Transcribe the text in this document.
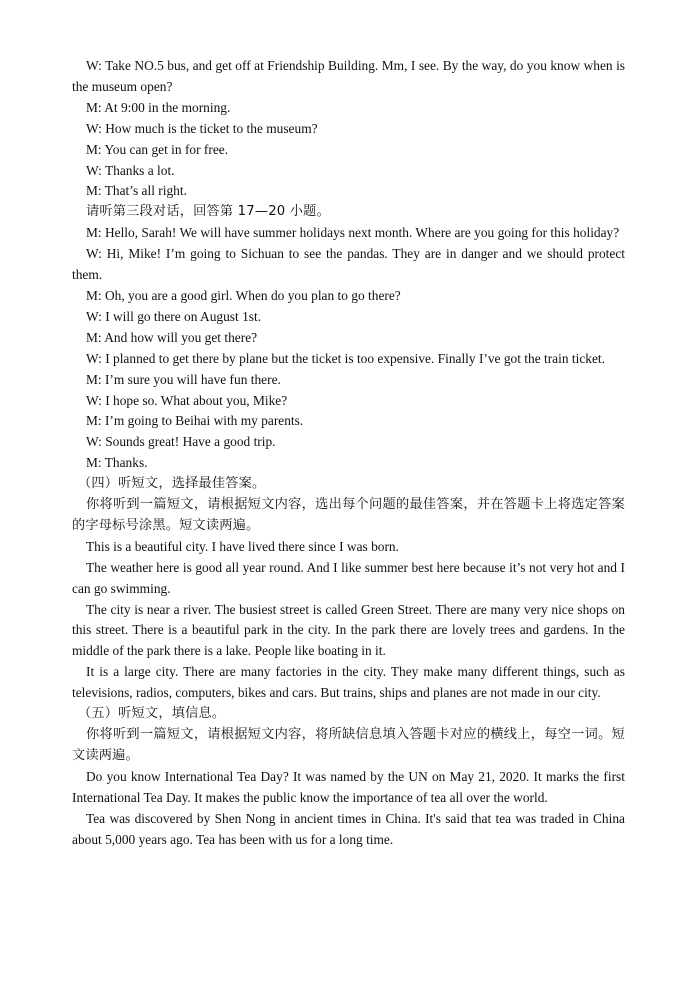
W: Take NO.5 bus, and get off at Friendship Building. Mm, I see. By the way, do you know when is the museum open?

M: At 9:00 in the morning.

W: How much is the ticket to the museum?

M: You can get in for free.

W: Thanks a lot.

M: That’s all right.

请听第三段对话，回答第 17—20 小题。

M: Hello, Sarah! We will have summer holidays next month. Where are you going for this holiday?

W: Hi, Mike! I’m going to Sichuan to see the pandas. They are in danger and we should protect them.

M: Oh, you are a good girl. When do you plan to go there?

W: I will go there on August 1st.

M: And how will you get there?

W: I planned to get there by plane but the ticket is too expensive. Finally I’ve got the train ticket.

M: I’m sure you will have fun there.

W: I hope so. What about you, Mike?

M: I’m going to Beihai with my parents.

W: Sounds great! Have a good trip.

M: Thanks.

（四）听短文，选择最佳答案。

你将听到一篇短文，请根据短文内容，选出每个问题的最佳答案，并在答题卡上将选定答案的字母标号涂黑。短文读两遍。

This is a beautiful city. I have lived there since I was born.

The weather here is good all year round. And I like summer best here because it’s not very hot and I can go swimming.

The city is near a river. The busiest street is called Green Street. There are many very nice shops on this street. There is a beautiful park in the city. In the park there are lovely trees and gardens. In the middle of the park there is a lake. People like boating in it.

It is a large city. There are many factories in the city. They make many different things, such as televisions, radios, computers, bikes and cars. But trains, ships and planes are not made in our city.

（五）听短文，填信息。

你将听到一篇短文，请根据短文内容，将所缺信息填入答题卡对应的横线上，每空一词。短文读两遍。

Do you know International Tea Day? It was named by the UN on May 21, 2020. It marks the first International Tea Day. It makes the public know the importance of tea all over the world.

Tea was discovered by Shen Nong in ancient times in China. It's said that tea was traded in China about 5,000 years ago. Tea has been with us for a long time.
